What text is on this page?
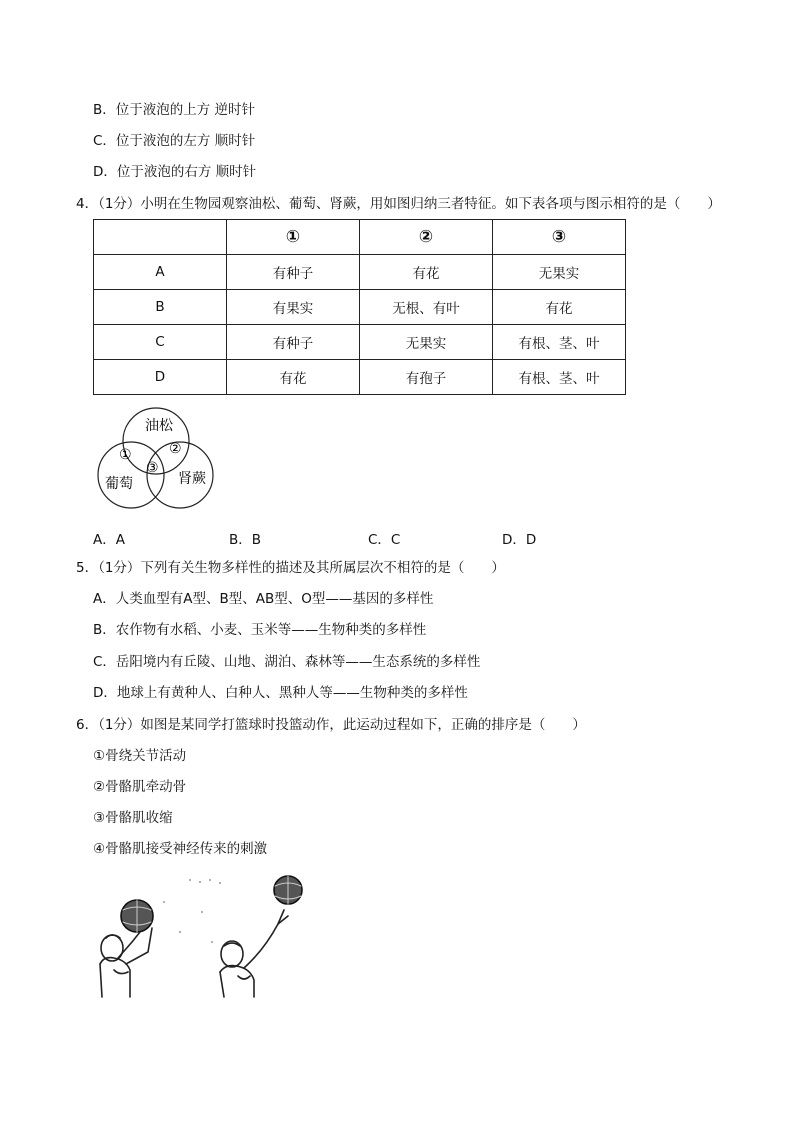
B．位于液泡的上方 逆时针
C．位于液泡的左方 顺时针
D．位于液泡的右方 顺时针
4．（1分）小明在生物园观察油松、葡萄、肾蕨，用如图归纳三者特征。如下表各项与图示相符的是（　　）
	①	②	③
A	有种子	有花	无果实
B	有果实	无根、有叶	有花
C	有种子	无果实	有根、茎、叶
D	有花	有孢子	有根、茎、叶
油松
葡萄	肾蕨
①	②
③
A．A	B．B	C．C	D．D
5．（1分）下列有关生物多样性的描述及其所属层次不相符的是（　　）
A．人类血型有A型、B型、AB型、O型——基因的多样性
B．农作物有水稻、小麦、玉米等——生物种类的多样性
C．岳阳境内有丘陵、山地、湖泊、森林等——生态系统的多样性
D．地球上有黄种人、白种人、黑种人等——生物种类的多样性
6．（1分）如图是某同学打篮球时投篮动作，此运动过程如下，正确的排序是（　　）
①骨绕关节活动
②骨骼肌牵动骨
③骨骼肌收缩
④骨骼肌接受神经传来的刺激
